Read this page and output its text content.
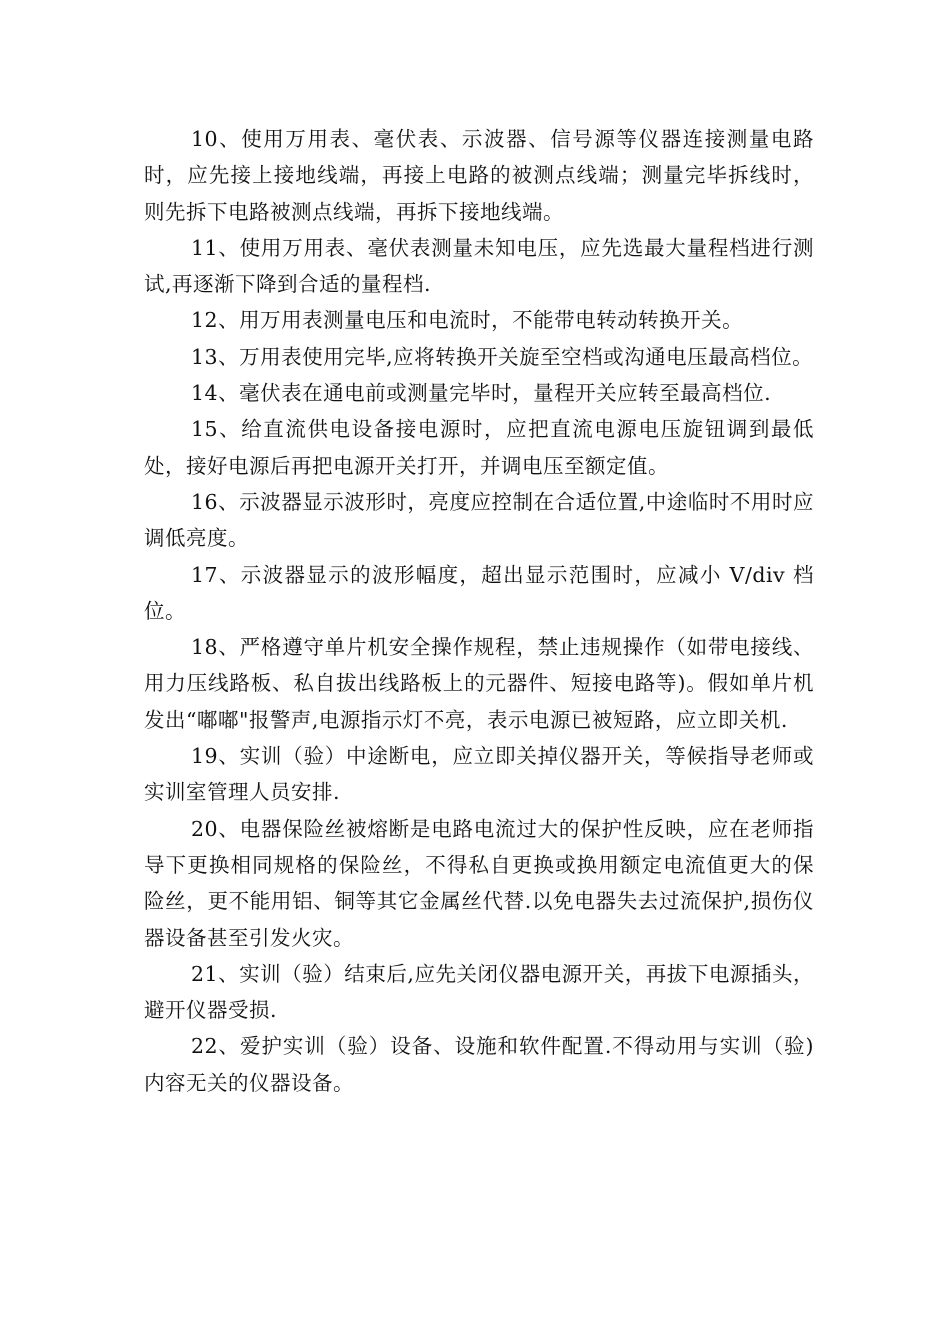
10、使用万用表、毫伏表、示波器、信号源等仪器连接测量电路时，应先接上接地线端，再接上电路的被测点线端；测量完毕拆线时，则先拆下电路被测点线端，再拆下接地线端。

11、使用万用表、毫伏表测量未知电压，应先选最大量程档进行测试,再逐渐下降到合适的量程档.

12、用万用表测量电压和电流时，不能带电转动转换开关。

13、万用表使用完毕,应将转换开关旋至空档或沟通电压最高档位。

14、毫伏表在通电前或测量完毕时，量程开关应转至最高档位.

15、给直流供电设备接电源时，应把直流电源电压旋钮调到最低处，接好电源后再把电源开关打开，并调电压至额定值。

16、示波器显示波形时，亮度应控制在合适位置,中途临时不用时应调低亮度。

17、示波器显示的波形幅度，超出显示范围时，应减小 V/div 档位。

18、严格遵守单片机安全操作规程，禁止违规操作（如带电接线、用力压线路板、私自拔出线路板上的元器件、短接电路等)。假如单片机发出“嘟嘟"报警声,电源指示灯不亮，表示电源已被短路，应立即关机.

19、实训（验）中途断电，应立即关掉仪器开关，等候指导老师或实训室管理人员安排.

20、电器保险丝被熔断是电路电流过大的保护性反映，应在老师指导下更换相同规格的保险丝，不得私自更换或换用额定电流值更大的保险丝，更不能用铝、铜等其它金属丝代替.以免电器失去过流保护,损伤仪器设备甚至引发火灾。

21、实训（验）结束后,应先关闭仪器电源开关，再拔下电源插头，避开仪器受损.

22、爱护实训（验）设备、设施和软件配置.不得动用与实训（验)内容无关的仪器设备。
